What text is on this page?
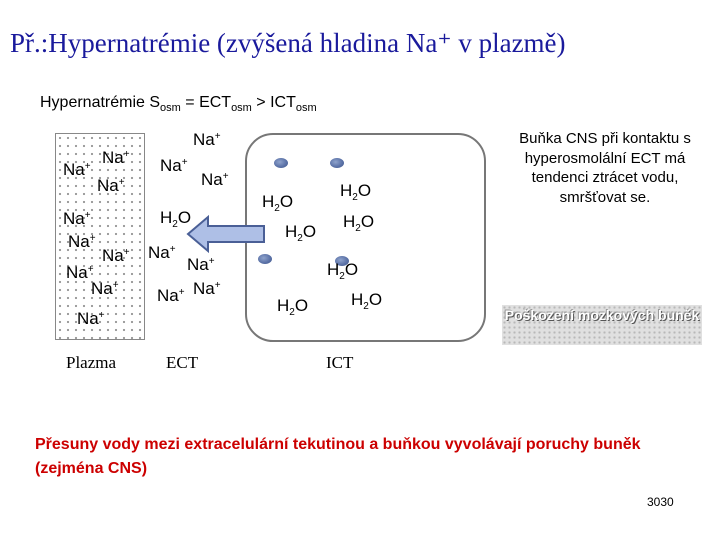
Př.:Hypernatrémie (zvýšená hladina Na⁺ v plazmě)
Hypernatrémie $S_{osm} = ECT_{osm} > ICT_{osm}$
Na+ Na+
Na+
Na+
Na+
Na+
Na+
Na+
Na+
Na+
Na+
Na+
Na+
Na+
Na+ Na+
$H_2O$
$H_2O$
$H_2O$
$H_2O$
$H_2O$
$H_2O$
$H_2O$	$H_2O$
Plazma	ECT	ICT
Buňka CNS při kontaktu s hyperosmolální ECT má tendenci ztrácet vodu, smršťovat se.
Poškození mozkových buněk
Přesuny vody mezi extracelulární tekutinou a buňkou vyvolávají poruchy buněk (zejména CNS)
3030
